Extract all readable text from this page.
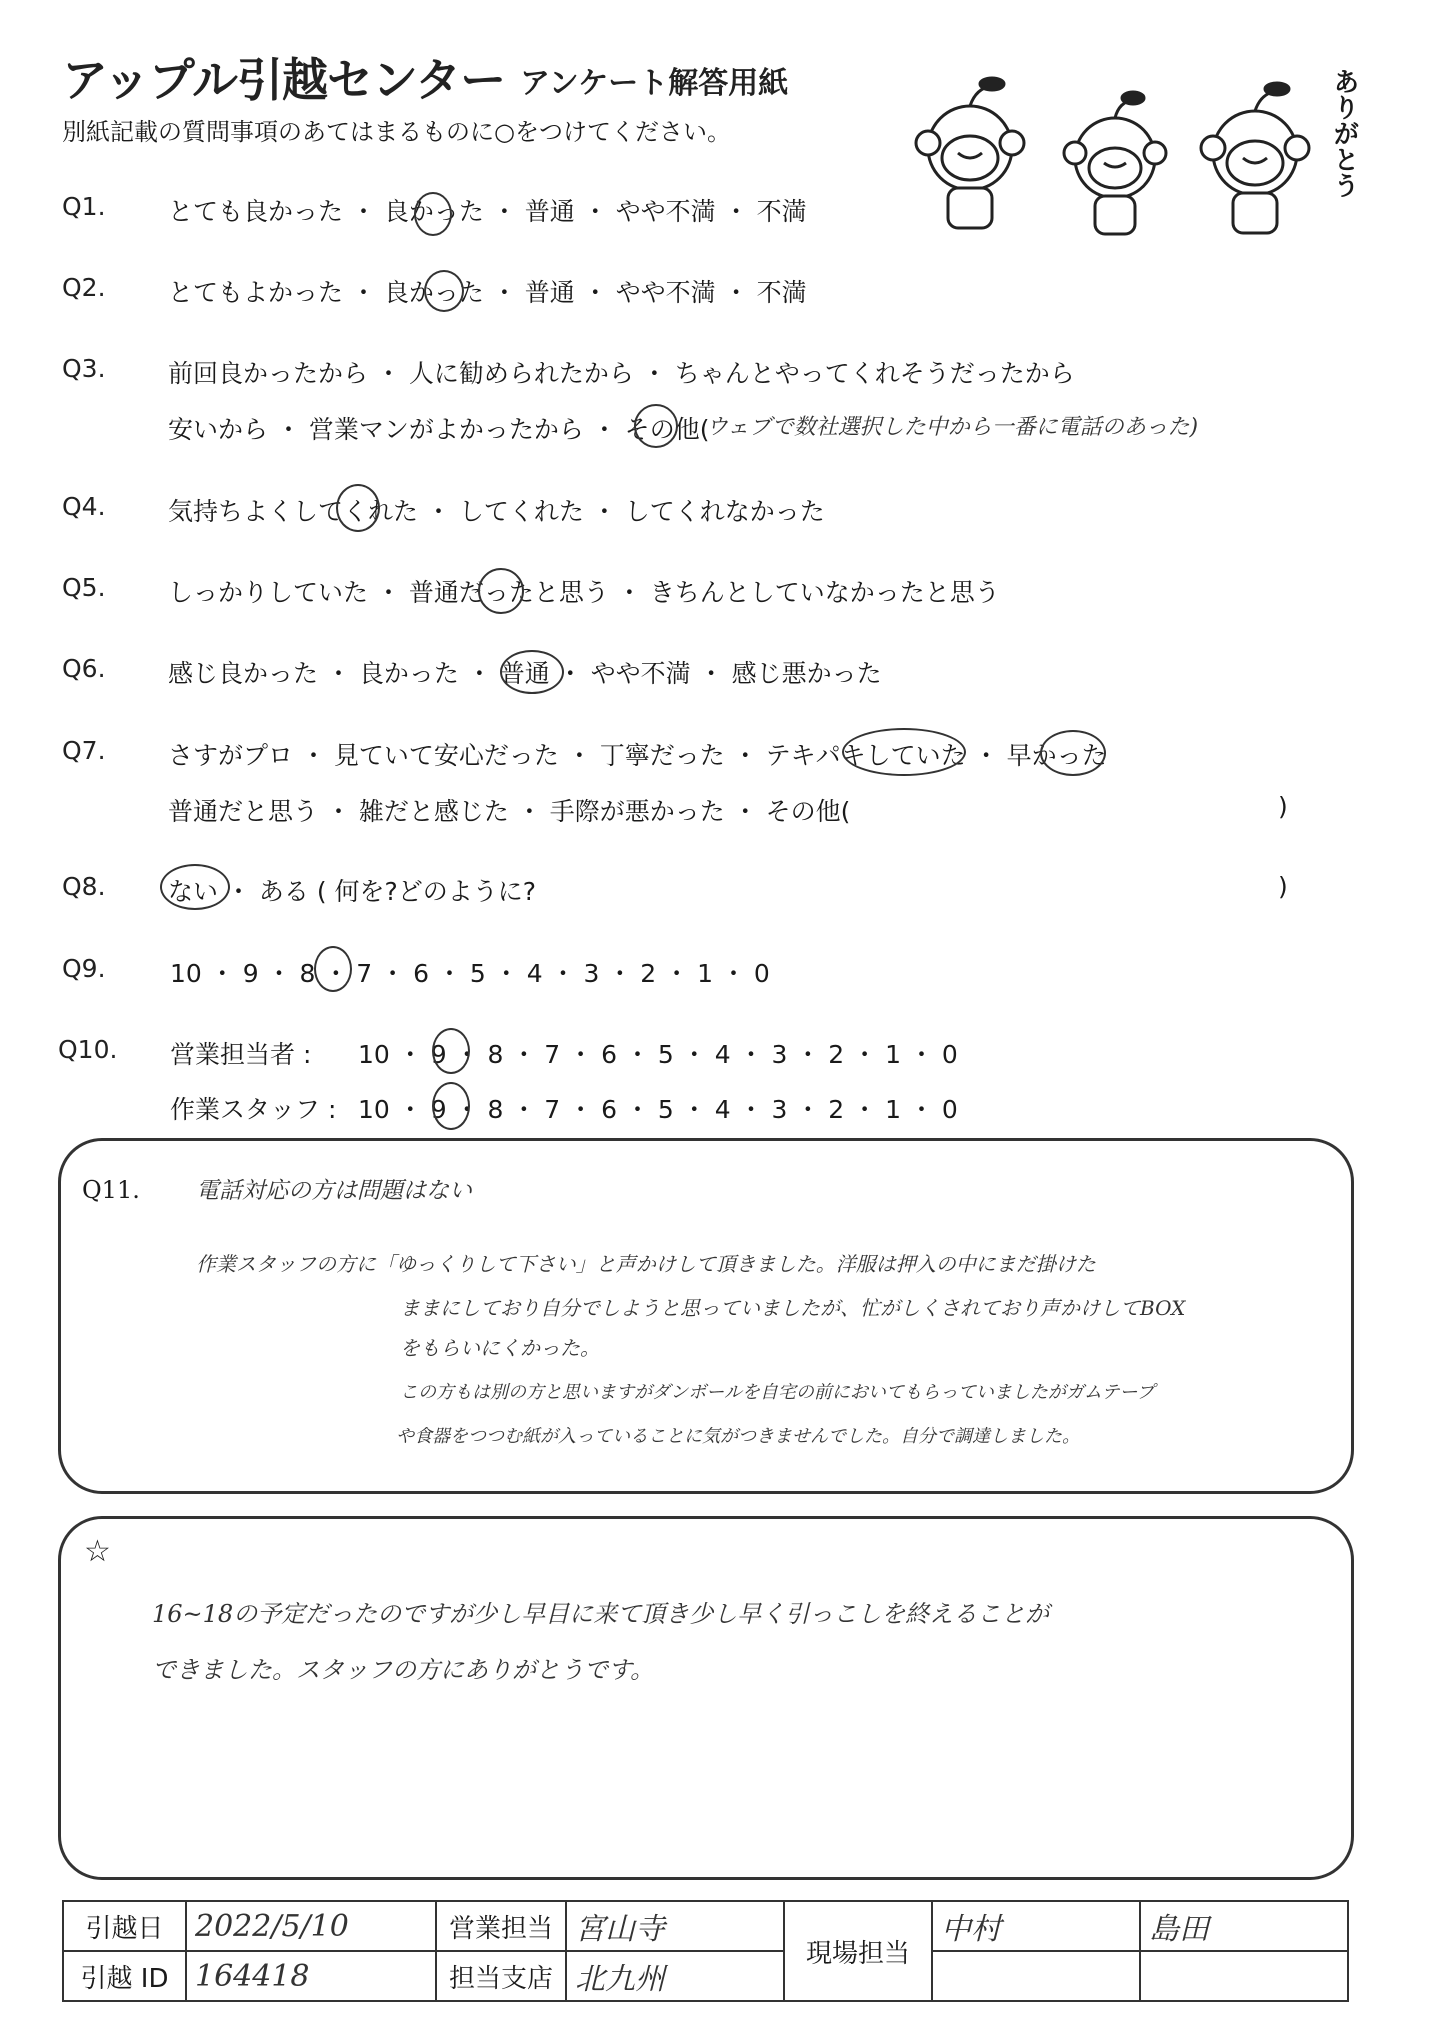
アップル引越センター アンケート解答用紙
別紙記載の質問事項のあてはまるものに○をつけてください。	ありがとう
Q1. とても良かった ・ 良かった ・ 普通 ・ やや不満 ・ 不満
Q2. とてもよかった ・ 良かった ・ 普通 ・ やや不満 ・ 不満
Q3. 前回良かったから ・ 人に勧められたから ・ ちゃんとやってくれそうだったから
安いから ・ 営業マンがよかったから ・ その他(
ウェブで数社選択した中から一番に電話のあった)
Q4. 気持ちよくしてくれた ・ してくれた ・ してくれなかった
Q5. しっかりしていた ・ 普通だったと思う ・ きちんとしていなかったと思う
Q6. 感じ良かった ・ 良かった ・ 普通 ・ やや不満 ・ 感じ悪かった
Q7. さすがプロ ・ 見ていて安心だった ・ 丁寧だった ・ テキパキしていた ・ 早かった
普通だと思う ・ 雑だと感じた ・ 手際が悪かった ・ その他(	)
Q8. ない ・ ある ( 何を?どのように?	)
Q9.	10 ・ 9 ・ 8 ・ 7 ・ 6 ・ 5 ・ 4 ・ 3 ・ 2 ・ 1 ・ 0
Q10. 営業担当者 : 10 ・ 9 ・ 8 ・ 7 ・ 6 ・ 5 ・ 4 ・ 3 ・ 2 ・ 1 ・ 0
作業スタッフ : 10 ・ 9 ・ 8 ・ 7 ・ 6 ・ 5 ・ 4 ・ 3 ・ 2 ・ 1 ・ 0
Q11. 電話対応の方は問題はない
作業スタッフの方に「ゆっくりして下さい」と声かけして頂きました。洋服は押入の中にまだ掛けた
ままにしており自分でしようと思っていましたが、忙がしくされており声かけしてBOX
をもらいにくかった。
この方もは別の方と思いますがダンボールを自宅の前においてもらっていましたがガムテープ
や食器をつつむ紙が入っていることに気がつきませんでした。自分で調達しました。
☆
16~18の予定だったのですが少し早目に来て頂き少し早く引っこしを終えることが
できました。スタッフの方にありがとうです。
引越日	2022/5/10	営業担当	宮山寺	現場担当	中村	島田
引越 ID	164418	担当支店	北九州			
